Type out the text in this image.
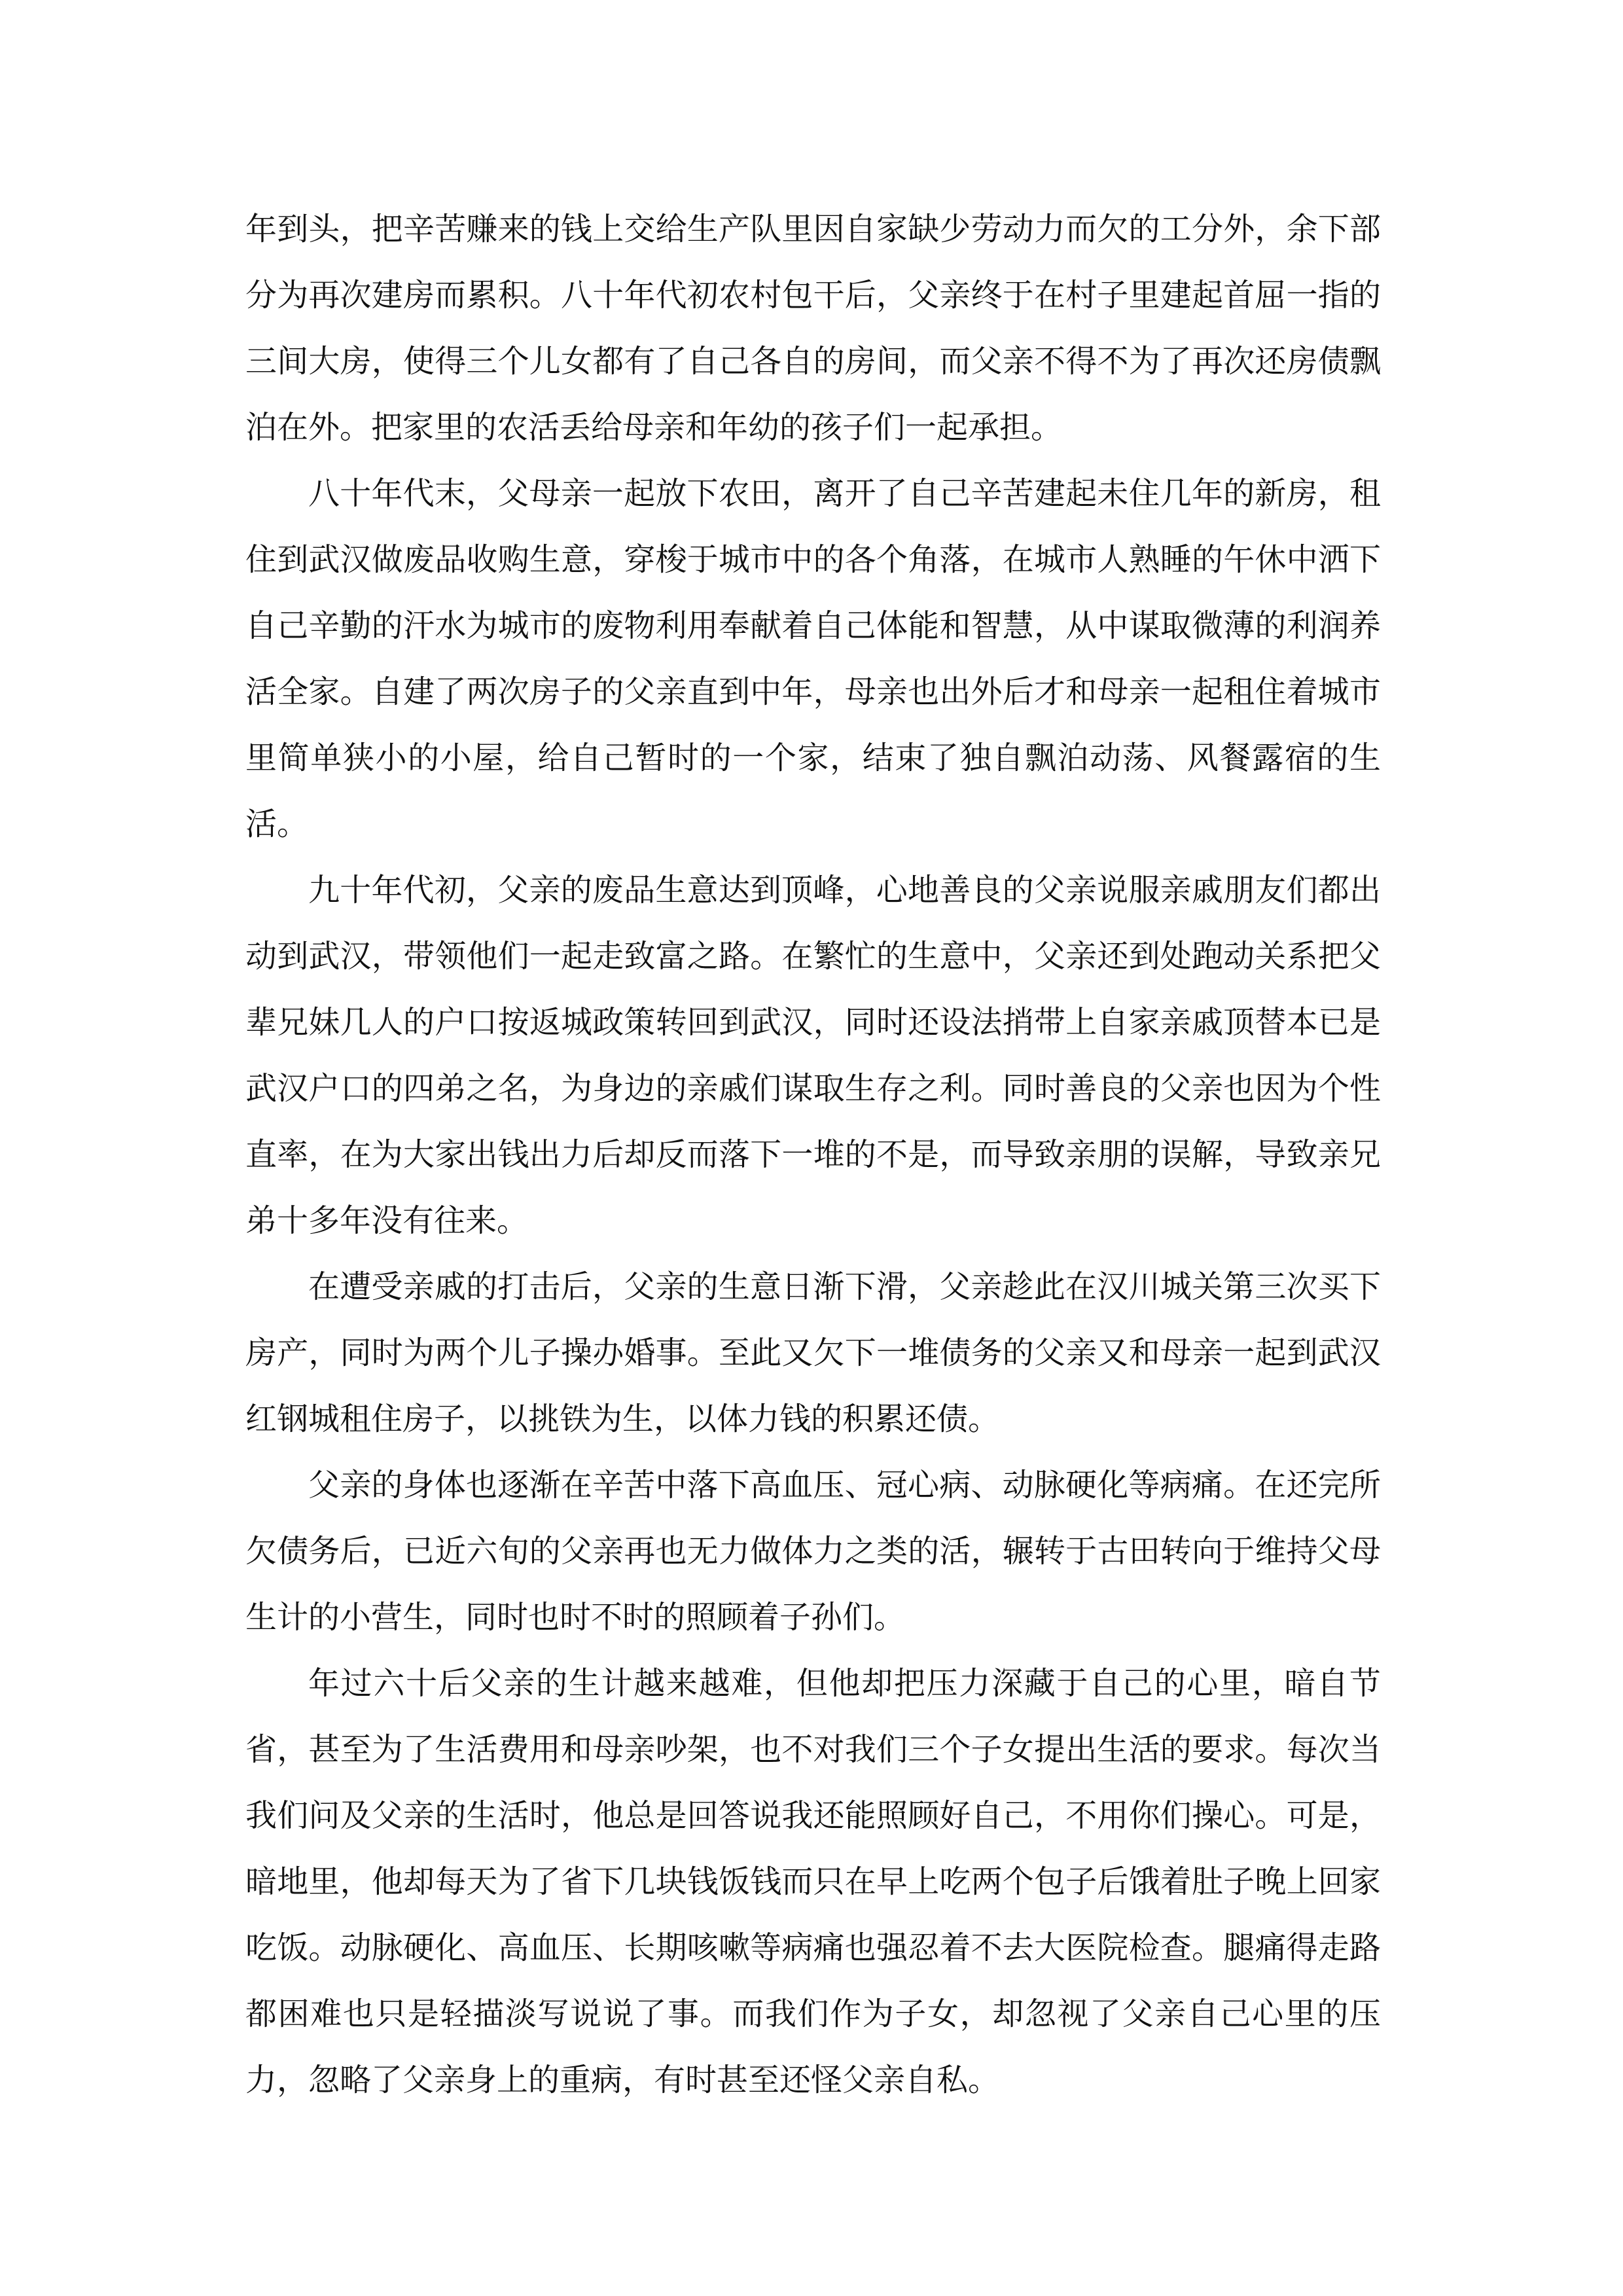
年到头，把辛苦赚来的钱上交给生产队里因自家缺少劳动力而欠的工分外，余下部分为再次建房而累积。八十年代初农村包干后，父亲终于在村子里建起首屈一指的三间大房，使得三个儿女都有了自己各自的房间，而父亲不得不为了再次还房债飘泊在外。把家里的农活丢给母亲和年幼的孩子们一起承担。

八十年代末，父母亲一起放下农田，离开了自己辛苦建起未住几年的新房，租住到武汉做废品收购生意，穿梭于城市中的各个角落，在城市人熟睡的午休中洒下自己辛勤的汗水为城市的废物利用奉献着自己体能和智慧，从中谋取微薄的利润养活全家。自建了两次房子的父亲直到中年，母亲也出外后才和母亲一起租住着城市里简单狭小的小屋，给自己暂时的一个家，结束了独自飘泊动荡、风餐露宿的生活。

九十年代初，父亲的废品生意达到顶峰，心地善良的父亲说服亲戚朋友们都出动到武汉，带领他们一起走致富之路。在繁忙的生意中，父亲还到处跑动关系把父辈兄妹几人的户口按返城政策转回到武汉，同时还设法捎带上自家亲戚顶替本已是武汉户口的四弟之名，为身边的亲戚们谋取生存之利。同时善良的父亲也因为个性直率，在为大家出钱出力后却反而落下一堆的不是，而导致亲朋的误解，导致亲兄弟十多年没有往来。

在遭受亲戚的打击后，父亲的生意日渐下滑，父亲趁此在汉川城关第三次买下房产，同时为两个儿子操办婚事。至此又欠下一堆债务的父亲又和母亲一起到武汉红钢城租住房子，以挑铁为生，以体力钱的积累还债。

父亲的身体也逐渐在辛苦中落下高血压、冠心病、动脉硬化等病痛。在还完所欠债务后，已近六旬的父亲再也无力做体力之类的活，辗转于古田转向于维持父母生计的小营生，同时也时不时的照顾着子孙们。

年过六十后父亲的生计越来越难，但他却把压力深藏于自己的心里，暗自节省，甚至为了生活费用和母亲吵架，也不对我们三个子女提出生活的要求。每次当我们问及父亲的生活时，他总是回答说我还能照顾好自己，不用你们操心。可是，暗地里，他却每天为了省下几块钱饭钱而只在早上吃两个包子后饿着肚子晚上回家吃饭。动脉硬化、高血压、长期咳嗽等病痛也强忍着不去大医院检查。腿痛得走路都困难也只是轻描淡写说说了事。而我们作为子女，却忽视了父亲自己心里的压力，忽略了父亲身上的重病，有时甚至还怪父亲自私。
